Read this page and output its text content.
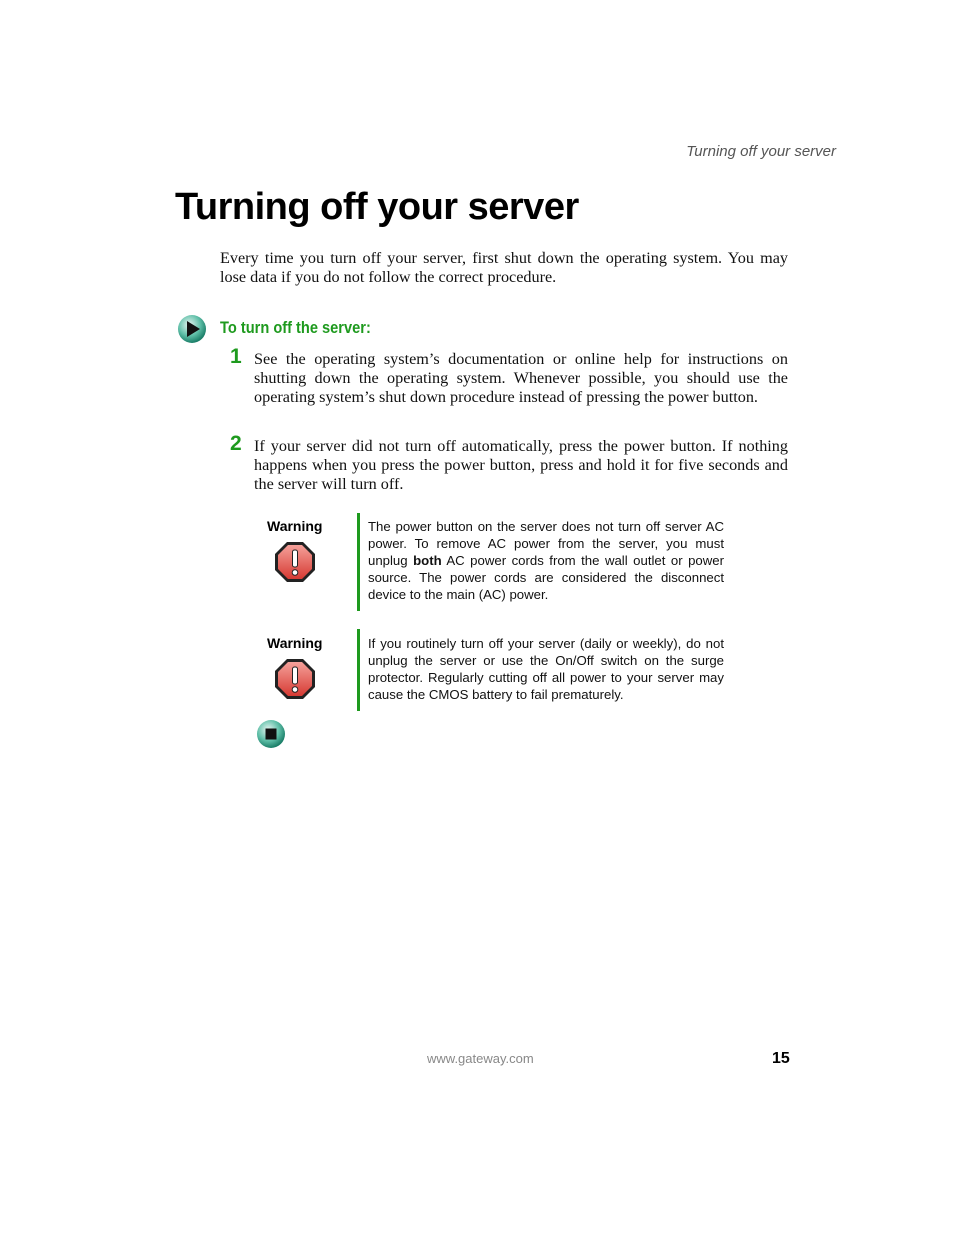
Turning off your server
Turning off your server

Every time you turn off your server, first shut down the operating system. You may lose data if you do not follow the correct procedure.

To turn off the server:
1 See the operating system’s documentation or online help for instructions on shutting down the operating system. Whenever possible, you should use the operating system’s shut down procedure instead of pressing the power button.

2 If your server did not turn off automatically, press the power button. If nothing happens when you press the power button, press and hold it for five seconds and the server will turn off.

Warning	The power button on the server does not turn off server AC power. To remove AC power from the server, you must unplug both AC power cords from the wall outlet or power source. The power cords are considered the disconnect device to the main (AC) power.

Warning	If you routinely turn off your server (daily or weekly), do not unplug the server or use the On/Off switch on the surge protector. Regularly cutting off all power to your server may cause the CMOS battery to fail prematurely.

www.gateway.com	15
